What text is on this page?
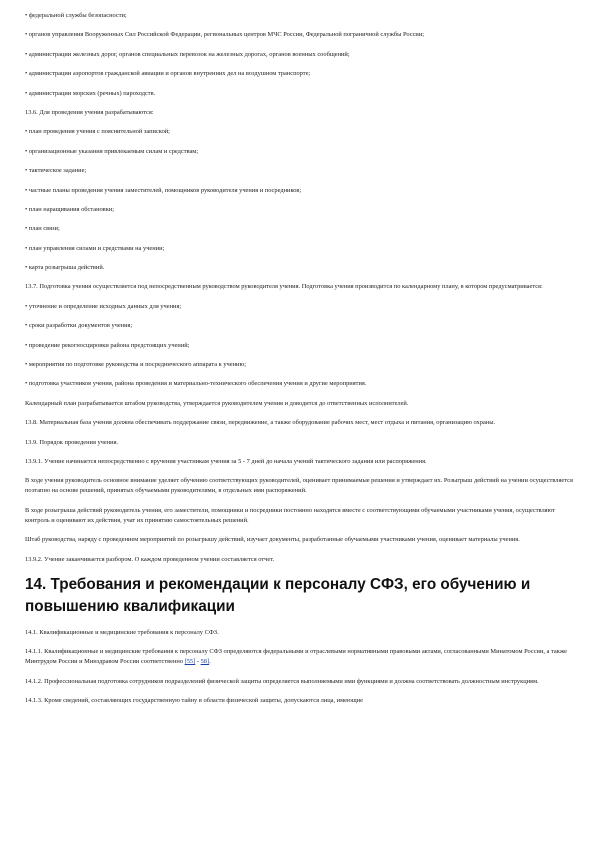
• федеральной службы безопасности;

• органов управления Вооруженных Сил Российской Федерации, региональных центров МЧС России, Федеральной пограничной службы России;

• администрации железных дорог, органов специальных перевозок на железных дорогах, органов военных сообщений;

• администрации аэропортов гражданской авиации и органов внутренних дел на воздушном транспорте;

• администрации морских (речных) пароходств.

13.6. Для проведения учения разрабатываются:

• план проведения учения с пояснительной запиской;

• организационные указания привлекаемым силам и средствам;

• тактическое задание;

• частные планы проведения учения заместителей, помощников руководителя учения и посредников;

• план наращивания обстановки;

• план связи;

• план управления силами и средствами на учении;

• карта розыгрыша действий.

13.7. Подготовка учения осуществляется под непосредственным руководством руководителя учения. Подготовка учения производится по календарному плану, в котором предусматривается:

• уточнение и определение исходных данных для учения;

• сроки разработки документов учения;

• проведение рекогносцировки района предстоящих учений;

• мероприятия по подготовке руководства и посреднического аппарата к учению;

• подготовка участников учения, района проведения и материально-технического обеспечения учения и другие мероприятия.

Календарный план разрабатывается штабом руководства, утверждается руководителем учения и доводится до ответственных исполнителей.

13.8. Материальная база учения должна обеспечивать поддержание связи, передвижение, а также оборудование рабочих мест, мест отдыха и питания, организацию охраны.

13.9. Порядок проведения учения.

13.9.1. Учение начинается непосредственно с вручения участникам учения за 5 - 7 дней до начала учений тактического задания или распоряжения.

В ходе учения руководитель основное внимание уделяет обучению соответствующих руководителей, оценивает принимаемые решения и утверждает их. Розыгрыш действий на учении осуществляется поэтапно на основе решений, принятых обучаемыми руководителями, в отдельных ими распоряжений.

В ходе розыгрыша действий руководитель учения, его заместители, помощники и посредники постоянно находятся вместе с соответствующими обучаемыми участниками учения, осуществляют контроль и оценивают их действия, учат их принятию самостоятельных решений.

Штаб руководства, наряду с проведением мероприятий по розыгрышу действий, изучает документы, разработанные обучаемыми участниками учения, оценивает материалы учения.

13.9.2. Учение заканчивается разбором. О каждом проведенном учении составляется отчет.

14. Требования и рекомендации к персоналу СФЗ, его обучению и повышению квалификации

14.1. Квалификационные и медицинские требования к персоналу СФЗ.

14.1.1. Квалификационные и медицинские требования к персоналу СФЗ определяются федеральными и отраслевыми нормативными правовыми актами, согласованными Минатомом России, а также Минтрудом России и Минздравом России соответственно [55] - 58].

14.1.2. Профессиональная подготовка сотрудников подразделений физической защиты определяется выполняемыми ими функциями и должна соответствовать должностным инструкциям.

14.1.3. Кроме сведений, составляющих государственную тайну в области физической защиты, допускаются лица, имеющие
